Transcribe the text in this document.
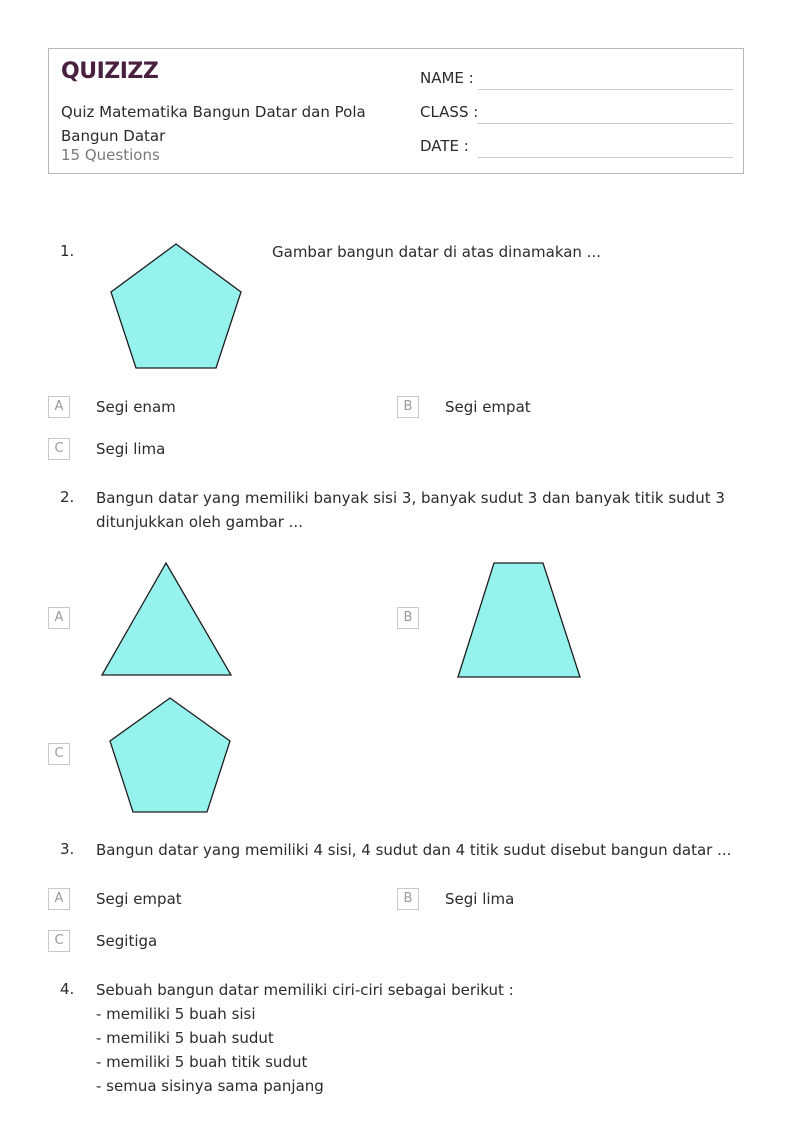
QUIZIZZ
Quiz Matematika Bangun Datar dan Pola Bangun Datar
15 Questions
NAME :
CLASS :
DATE :
1.	Gambar bangun datar di atas dinamakan ...
A	Segi enam	B	Segi empat
C	Segi lima
2. Bangun datar yang memiliki banyak sisi 3, banyak sudut 3 dan banyak titik sudut 3 ditunjukkan oleh gambar ...
A	B
C
3. Bangun datar yang memiliki 4 sisi, 4 sudut dan 4 titik sudut disebut bangun datar ...
A	Segi empat	B	Segi lima
C	Segitiga
4. Sebuah bangun datar memiliki ciri-ciri sebagai berikut :
- memiliki 5 buah sisi
- memiliki 5 buah sudut
- memiliki 5 buah titik sudut
- semua sisinya sama panjang
